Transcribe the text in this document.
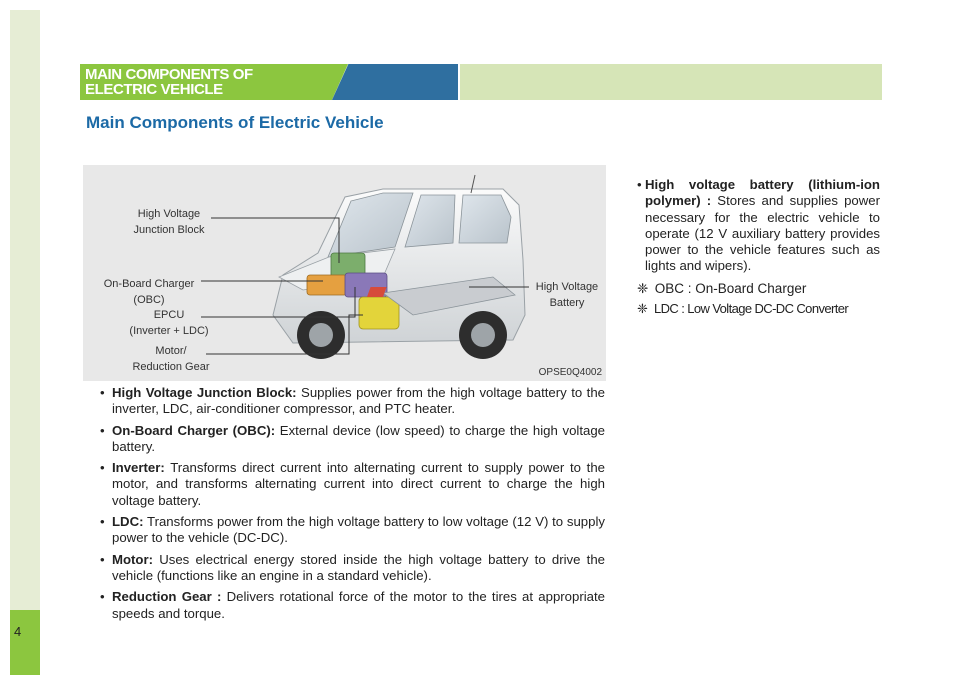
4
MAIN COMPONENTS OF
ELECTRIC VEHICLE
Main Components of Electric Vehicle
High Voltage
Junction Block
On-Board Charger
(OBC)
EPCU
(Inverter + LDC)
Motor/
Reduction Gear
High Voltage
Battery
OPSE0Q4002
• High Voltage Junction Block: Supplies power from the high voltage battery to the inverter, LDC, air-conditioner compressor, and PTC heater.
• On-Board Charger (OBC): External device (low speed) to charge the high voltage battery.
• Inverter: Transforms direct current into alternating current to supply power to the motor, and transforms alternating current into direct current to charge the high voltage battery.
• LDC: Transforms power from the high voltage battery to low voltage (12 V) to supply power to the vehicle (DC-DC).
• Motor: Uses electrical energy stored inside the high voltage battery to drive the vehicle (functions like an engine in a standard vehicle).
• Reduction Gear : Delivers rotational force of the motor to the tires at appropriate speeds and torque.
• High voltage battery (lithium-ion polymer) : Stores and supplies power necessary for the electric vehicle to operate (12 V auxiliary battery provides power to the vehicle features such as lights and wipers).
❈ OBC : On-Board Charger
❈ LDC : Low Voltage DC-DC Converter
